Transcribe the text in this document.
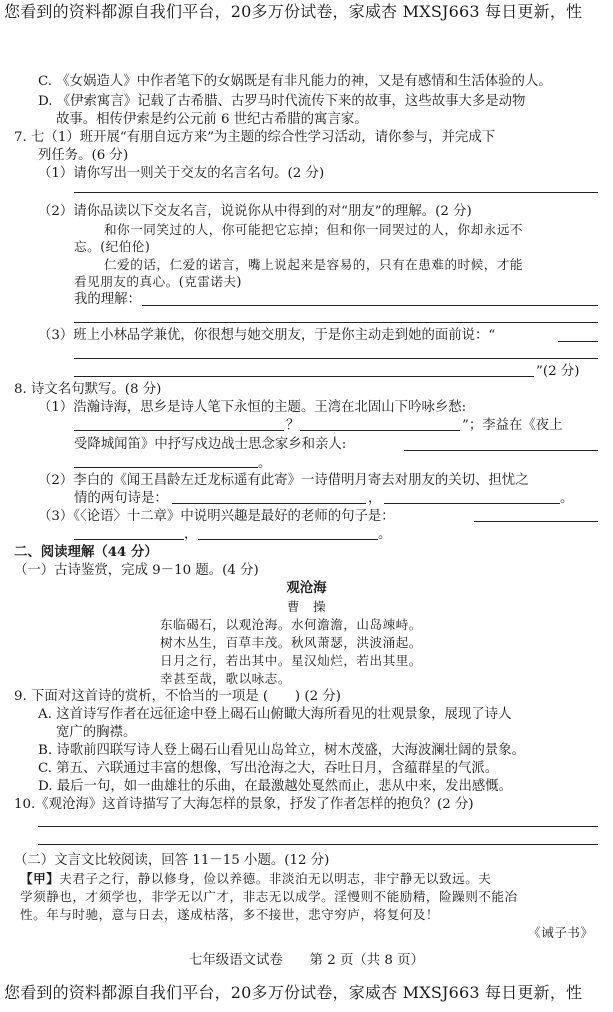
您看到的资料都源自我们平台，20多万份试卷，家威杏 MXSJ663 每日更新，性
C. 《女娲造人》中作者笔下的女娲既是有非凡能力的神，又是有感情和生活体验的人。
D. 《伊索寓言》记载了古希腊、古罗马时代流传下来的故事，这些故事大多是动物
故事。相传伊索是约公元前 6 世纪古希腊的寓言家。
7. 七（1）班开展“有朋自远方来”为主题的综合性学习活动，请你参与，并完成下
列任务。(6 分)
（1）请你写出一则关于交友的名言名句。(2 分)
（2）请你品读以下交友名言，说说你从中得到的对“朋友”的理解。(2 分)
和你一同笑过的人，你可能把它忘掉；但和你一同哭过的人，你却永远不
忘。(纪伯伦)
仁爱的话，仁爱的诺言，嘴上说起来是容易的，只有在患难的时候，才能
看见朋友的真心。(克雷诺夫)
我的理解：
（3）班上小林品学兼优，你很想与她交朋友，于是你主动走到她的面前说：“
”(2 分)
8. 诗文名句默写。(8 分)
（1）浩瀚诗海，思乡是诗人笔下永恒的主题。王湾在北固山下吟咏乡愁:
？	”；李益在《夜上
受降城闻笛》中抒写戍边战士思念家乡和亲人:
。
（2）李白的《闻王昌龄左迁龙标遥有此寄》一诗借明月寄去对朋友的关切、担忧之
情的两句诗是：	，	。
（3）《〈论语〉十二章》中说明兴趣是最好的老师的句子是：
，	。
二、阅读理解（44 分）
（一）古诗鉴赏，完成 9－10 题。(4 分)
观沧海
曹　操
东临碣石，以观沧海。水何澹澹，山岛竦峙。
树木丛生，百草丰茂。秋风萧瑟，洪波涌起。
日月之行，若出其中。星汉灿烂，若出其里。
幸甚至哉，歌以咏志。
9. 下面对这首诗的赏析，不恰当的一项是 (　　) (2 分)
A. 这首诗写作者在远征途中登上碣石山俯瞰大海所看见的壮观景象，展现了诗人
宽广的胸襟。
B. 诗歌前四联写诗人登上碣石山看见山岛耸立，树木茂盛，大海波澜壮阔的景象。
C. 第五、六联通过丰富的想像，写出沧海之大，吞吐日月，含蕴群星的气派。
D. 最后一句，如一曲雄壮的乐曲，在最激越处戛然而止，悲从中来，发出感慨。
10.《观沧海》这首诗描写了大海怎样的景象，抒发了作者怎样的抱负？(2 分)
（二）文言文比较阅读，回答 11－15 小题。(12 分)
【甲】夫君子之行，静以修身，俭以养德。非淡泊无以明志，非宁静无以致远。夫
学须静也，才须学也，非学无以广才，非志无以成学。淫慢则不能励精，险躁则不能冶
性。年与时驰，意与日去，遂成枯落，多不接世，悲守穷庐，将复何及！
《诫子书》
七年级语文试卷　　第 2 页（共 8 页）
您看到的资料都源自我们平台，20多万份试卷，家威杏 MXSJ663 每日更新，性
